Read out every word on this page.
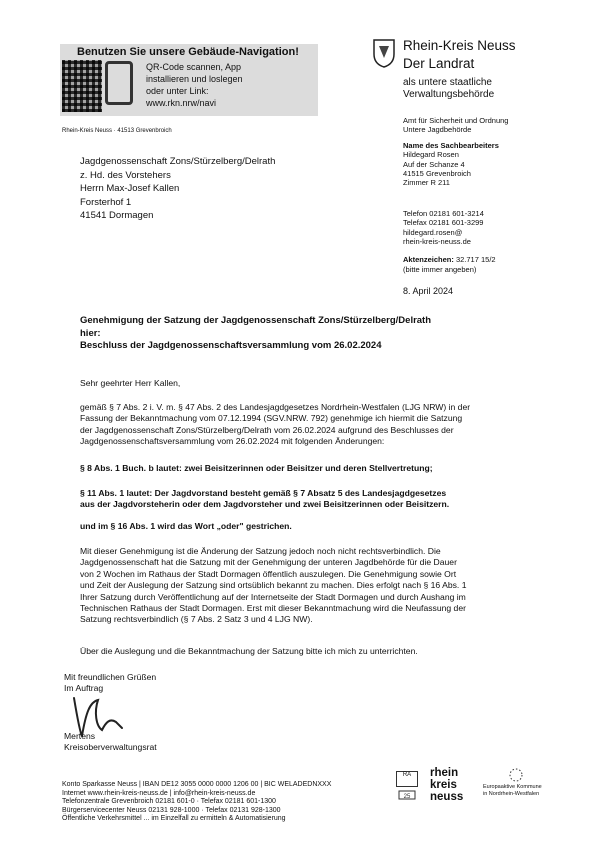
Benutzen Sie unsere Gebäude-Navigation!
QR-Code scannen, App
installieren und loslegen
oder unter Link:
www.rkn.nrw/navi
Rhein-Kreis Neuss · 41513 Grevenbroich
Rhein-Kreis Neuss
Der Landrat
als untere staatliche
Verwaltungsbehörde
Amt für Sicherheit und Ordnung
Untere Jagdbehörde
Name des Sachbearbeiters
Hildegard Rosen
Auf der Schanze 4
41515 Grevenbroich
Zimmer R 211
Telefon 02181 601-3214
Telefax 02181 601-3299
hildegard.rosen@
rhein-kreis-neuss.de
Aktenzeichen: 32.717 15/2
(bitte immer angeben)
8. April 2024
Jagdgenossenschaft Zons/Stürzelberg/Delrath
z. Hd. des Vorstehers
Herrn Max-Josef Kallen
Forsterhof 1
41541 Dormagen
Genehmigung der Satzung der Jagdgenossenschaft Zons/Stürzelberg/Delrath
hier:
Beschluss der Jagdgenossenschaftsversammlung vom 26.02.2024
Sehr geehrter Herr Kallen,
gemäß § 7 Abs. 2 i. V. m. § 47 Abs. 2 des Landesjagdgesetzes Nordrhein-Westfalen (LJG NRW) in der
Fassung der Bekanntmachung vom 07.12.1994 (SGV.NRW. 792) genehmige ich hiermit die Satzung
der Jagdgenossenschaft Zons/Stürzelberg/Delrath vom 26.02.2024 aufgrund des Beschlusses der
Jagdgenossenschaftsversammlung vom 26.02.2024 mit folgenden Änderungen:
§ 8 Abs. 1 Buch. b lautet: zwei Beisitzerinnen oder Beisitzer und deren Stellvertretung;
§ 11 Abs. 1 lautet: Der Jagdvorstand besteht gemäß § 7 Absatz 5 des Landesjagdgesetzes
aus der Jagdvorsteherin oder dem Jagdvorsteher und zwei Beisitzerinnen oder Beisitzern.
und im § 16 Abs. 1 wird das Wort „oder" gestrichen.
Mit dieser Genehmigung ist die Änderung der Satzung jedoch noch nicht rechtsverbindlich. Die
Jagdgenossenschaft hat die Satzung mit der Genehmigung der unteren Jagdbehörde für die Dauer
von 2 Wochen im Rathaus der Stadt Dormagen öffentlich auszulegen. Die Genehmigung sowie Ort
und Zeit der Auslegung der Satzung sind ortsüblich bekannt zu machen. Dies erfolgt nach § 16 Abs. 1
Ihrer Satzung durch Veröffentlichung auf der Internetseite der Stadt Dormagen und durch Aushang im
Technischen Rathaus der Stadt Dormagen. Erst mit dieser Bekanntmachung wird die Neufassung der
Satzung rechtsverbindlich (§ 7 Abs. 2 Satz 3 und 4 LJG NW).
Über die Auslegung und die Bekanntmachung der Satzung bitte ich mich zu unterrichten.
Mit freundlichen Grüßen
Im Auftrag
Mertens
Kreisoberverwaltungsrat
Konto Sparkasse Neuss | IBAN DE12 3055 0000 0000 1206 00 | BIC WELADEDNXXX
Internet www.rhein-kreis-neuss.de | info@rhein-kreis-neuss.de
Telefonzentrale Grevenbroich 02181 601-0 · Telefax 02181 601-1300
Bürgerservicecenter Neuss 02131 928-1000 · Telefax 02131 928-1300
Öffentliche Verkehrsmittel ... im Einzelfall zu ermitteln & Automatisierung
RA
25
rhein
kreis
neuss
Europaaktive Kommune
in Nordrhein-Westfalen
